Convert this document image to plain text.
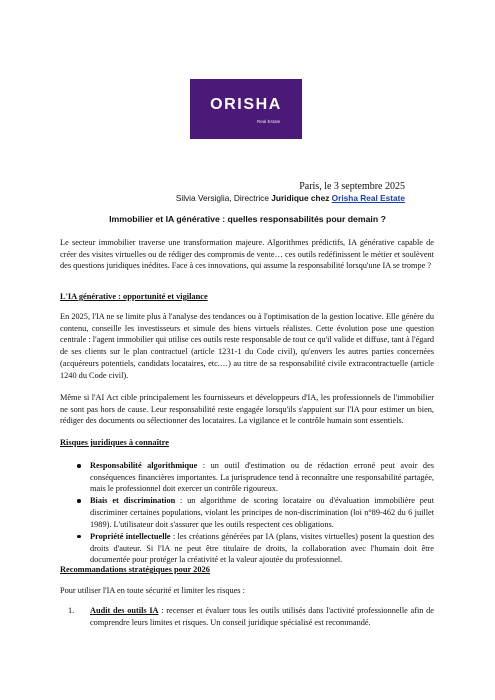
ORISHA
Real Estate
Paris, le 3 septembre 2025
Silvia Versiglia, Directrice Juridique chez Orisha Real Estate
Immobilier et IA générative : quelles responsabilités pour demain ?

Le secteur immobilier traverse une transformation majeure. Algorithmes prédictifs, IA générative capable de créer des visites virtuelles ou de rédiger des compromis de vente… ces outils redéfinissent le métier et soulèvent des questions juridiques inédites. Face à ces innovations, qui assume la responsabilité lorsqu'une IA se trompe ?

L'IA générative : opportunité et vigilance

En 2025, l'IA ne se limite plus à l'analyse des tendances ou à l'optimisation de la gestion locative. Elle génère du contenu, conseille les investisseurs et simule des biens virtuels réalistes. Cette évolution pose une question centrale : l'agent immobilier qui utilise ces outils reste responsable de tout ce qu'il valide et diffuse, tant à l'égard de ses clients sur le plan contractuel (article 1231-1 du Code civil), qu'envers les autres parties concernées (acquéreurs potentiels, candidats locataires, etc.…) au titre de sa responsabilité civile extracontractuelle (article 1240 du Code civil).

Même si l'AI Act cible principalement les fournisseurs et développeurs d'IA, les professionnels de l'immobilier ne sont pas hors de cause. Leur responsabilité reste engagée lorsqu'ils s'appuient sur l'IA pour estimer un bien, rédiger des documents ou sélectionner des locataires. La vigilance et le contrôle humain sont essentiels.

Risques juridiques à connaître
Responsabilité algorithmique : un outil d'estimation ou de rédaction erroné peut avoir des conséquences financières importantes. La jurisprudence tend à reconnaître une responsabilité partagée, mais le professionnel doit exercer un contrôle rigoureux.
Biais et discrimination : un algorithme de scoring locataire ou d'évaluation immobilière peut discriminer certaines populations, violant les principes de non-discrimination (loi n°89-462 du 6 juillet 1989). L'utilisateur doit s'assurer que les outils respectent ces obligations.
Propriété intellectuelle : les créations générées par IA (plans, visites virtuelles) posent la question des droits d'auteur. Si l'IA ne peut être titulaire de droits, la collaboration avec l'humain doit être documentée pour protéger la créativité et la valeur ajoutée du professionnel.
Recommandations stratégiques pour 2026

Pour utiliser l'IA en toute sécurité et limiter les risques :

1. Audit des outils IA : recenser et évaluer tous les outils utilisés dans l'activité professionnelle afin de comprendre leurs limites et risques. Un conseil juridique spécialisé est recommandé.
